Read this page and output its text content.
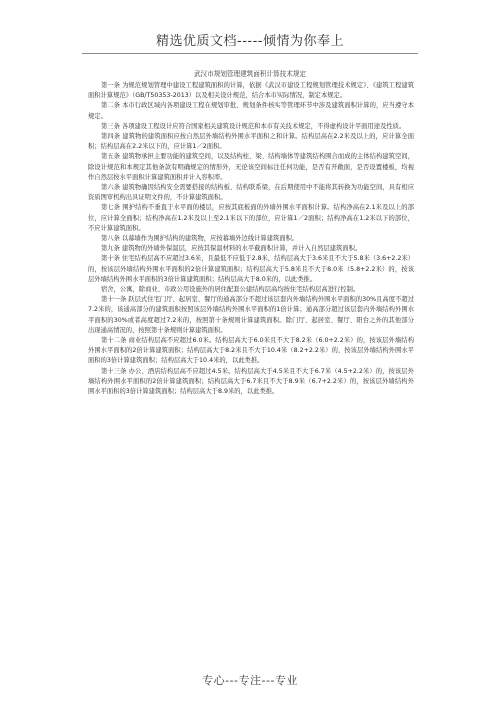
精选优质文档-----倾情为你奉上
武汉市规划管理建筑面积计算技术规定

第一条 为规范规划管理中建设工程建筑面积的计算，依据《武汉市建设工程规划管理技术规定》、《建筑工程建筑面积计算规范》（GB/T50353-2013）以及相关设计规范，结合本市实际情况，制定本规定。

第二条 本市行政区域内各项建设工程在规划审批、规划条件核实等管理环节中涉及建筑面积计算的，应当遵守本规定。

第三条 各项建设工程设计应符合国家相关建筑设计规范和本市有关技术规定，不得虚构设计平面用途及性质。

第四条 建筑物的建筑面积应按自然层外墙结构外围水平面积之和计算。结构层高在2.2米及以上的，应计算全面积；结构层高在2.2米以下的，应计算1／2面积。

第五条 建筑物承担主要功能的建筑空间，以及结构柱、梁、结构墙体等建筑结构围合而成的主体结构建筑空间，除设计规范和本规定其他条款有明确规定的情形外，无论该空间标注任何功能，是否有开敞面，是否设置楼板，均视作自然层按水平面积计算建筑面积并计入容积率。

第六条 建筑物确因结构安全需要搭接的结构板、结构联系梁，在后期使用中不能将其转换为功能空间，具有相应资质图审机构出具证明文件的，不计算建筑面积。

第七条 围护结构不垂直于水平面的楼层，应按其底板面的外墙外围水平面积计算。结构净高在2.1米及以上的部位，应计算全面积；结构净高在1.2米及以上至2.1米以下的部位，应计算1／2面积；结构净高在1.2米以下的部位，不应计算建筑面积。

第八条 以幕墙作为围护结构的建筑物，应按幕墙外边线计算建筑面积。

第九条 建筑物的外墙外保温层，应按其保温材料的水平截面积计算，并计入自然层建筑面积。

第十条 住宅结构层高不应超过3.6米，且最低不应低于2.8米，结构层高大于3.6米且不大于5.8米（3.6+2.2米）的，按该层外墙结构外围水平面积的2倍计算建筑面积；结构层高大于5.8米且不大于8.0米（5.8+2.2米）的，按该层外墙结构外围水平面积的3倍计算建筑面积；结构层高大于8.0米的，以此类推。

宿舍，公寓，除商业、市政公用设施外的居住配套公建结构层高均按住宅结构层高进行控制。

第十一条 跃层式住宅门厅、起居室、餐厅的通高部分不超过该层套内外墙结构外围水平面积的30%且高度不超过7.2米的，该通高部分的建筑面积按照该层外墙结构外围水平面积的1倍计算；通高部分超过该层套内外墙结构外围水平面积的30%或者高度超过7.2米的，按照第十条规则计算建筑面积。除门厅、起居室、餐厅、阳台之外的其他部分出现通高情况的，按照第十条规则计算建筑面积。

第十二条 商业结构层高不应超过6.0米。结构层高大于6.0米且不大于8.2米（6.0+2.2米）的，按该层外墙结构外围水平面积的2倍计算建筑面积；结构层高大于8.2米且不大于10.4米（8.2+2.2米）的，按该层外墙结构外围水平面积的3倍计算建筑面积；结构层高大于10.4米的，以此类推。

第十三条 办公、酒店结构层高不应超过4.5米。结构层高大于4.5米且不大于6.7米（4.5+2.2米）的，按该层外墙结构外围水平面积的2倍计算建筑面积；结构层高大于6.7米且不大于8.9米（6.7+2.2米）的，按该层外墙结构外围水平面积的3倍计算建筑面积；结构层高大于8.9米的，以此类推。

专心---专注---专业
